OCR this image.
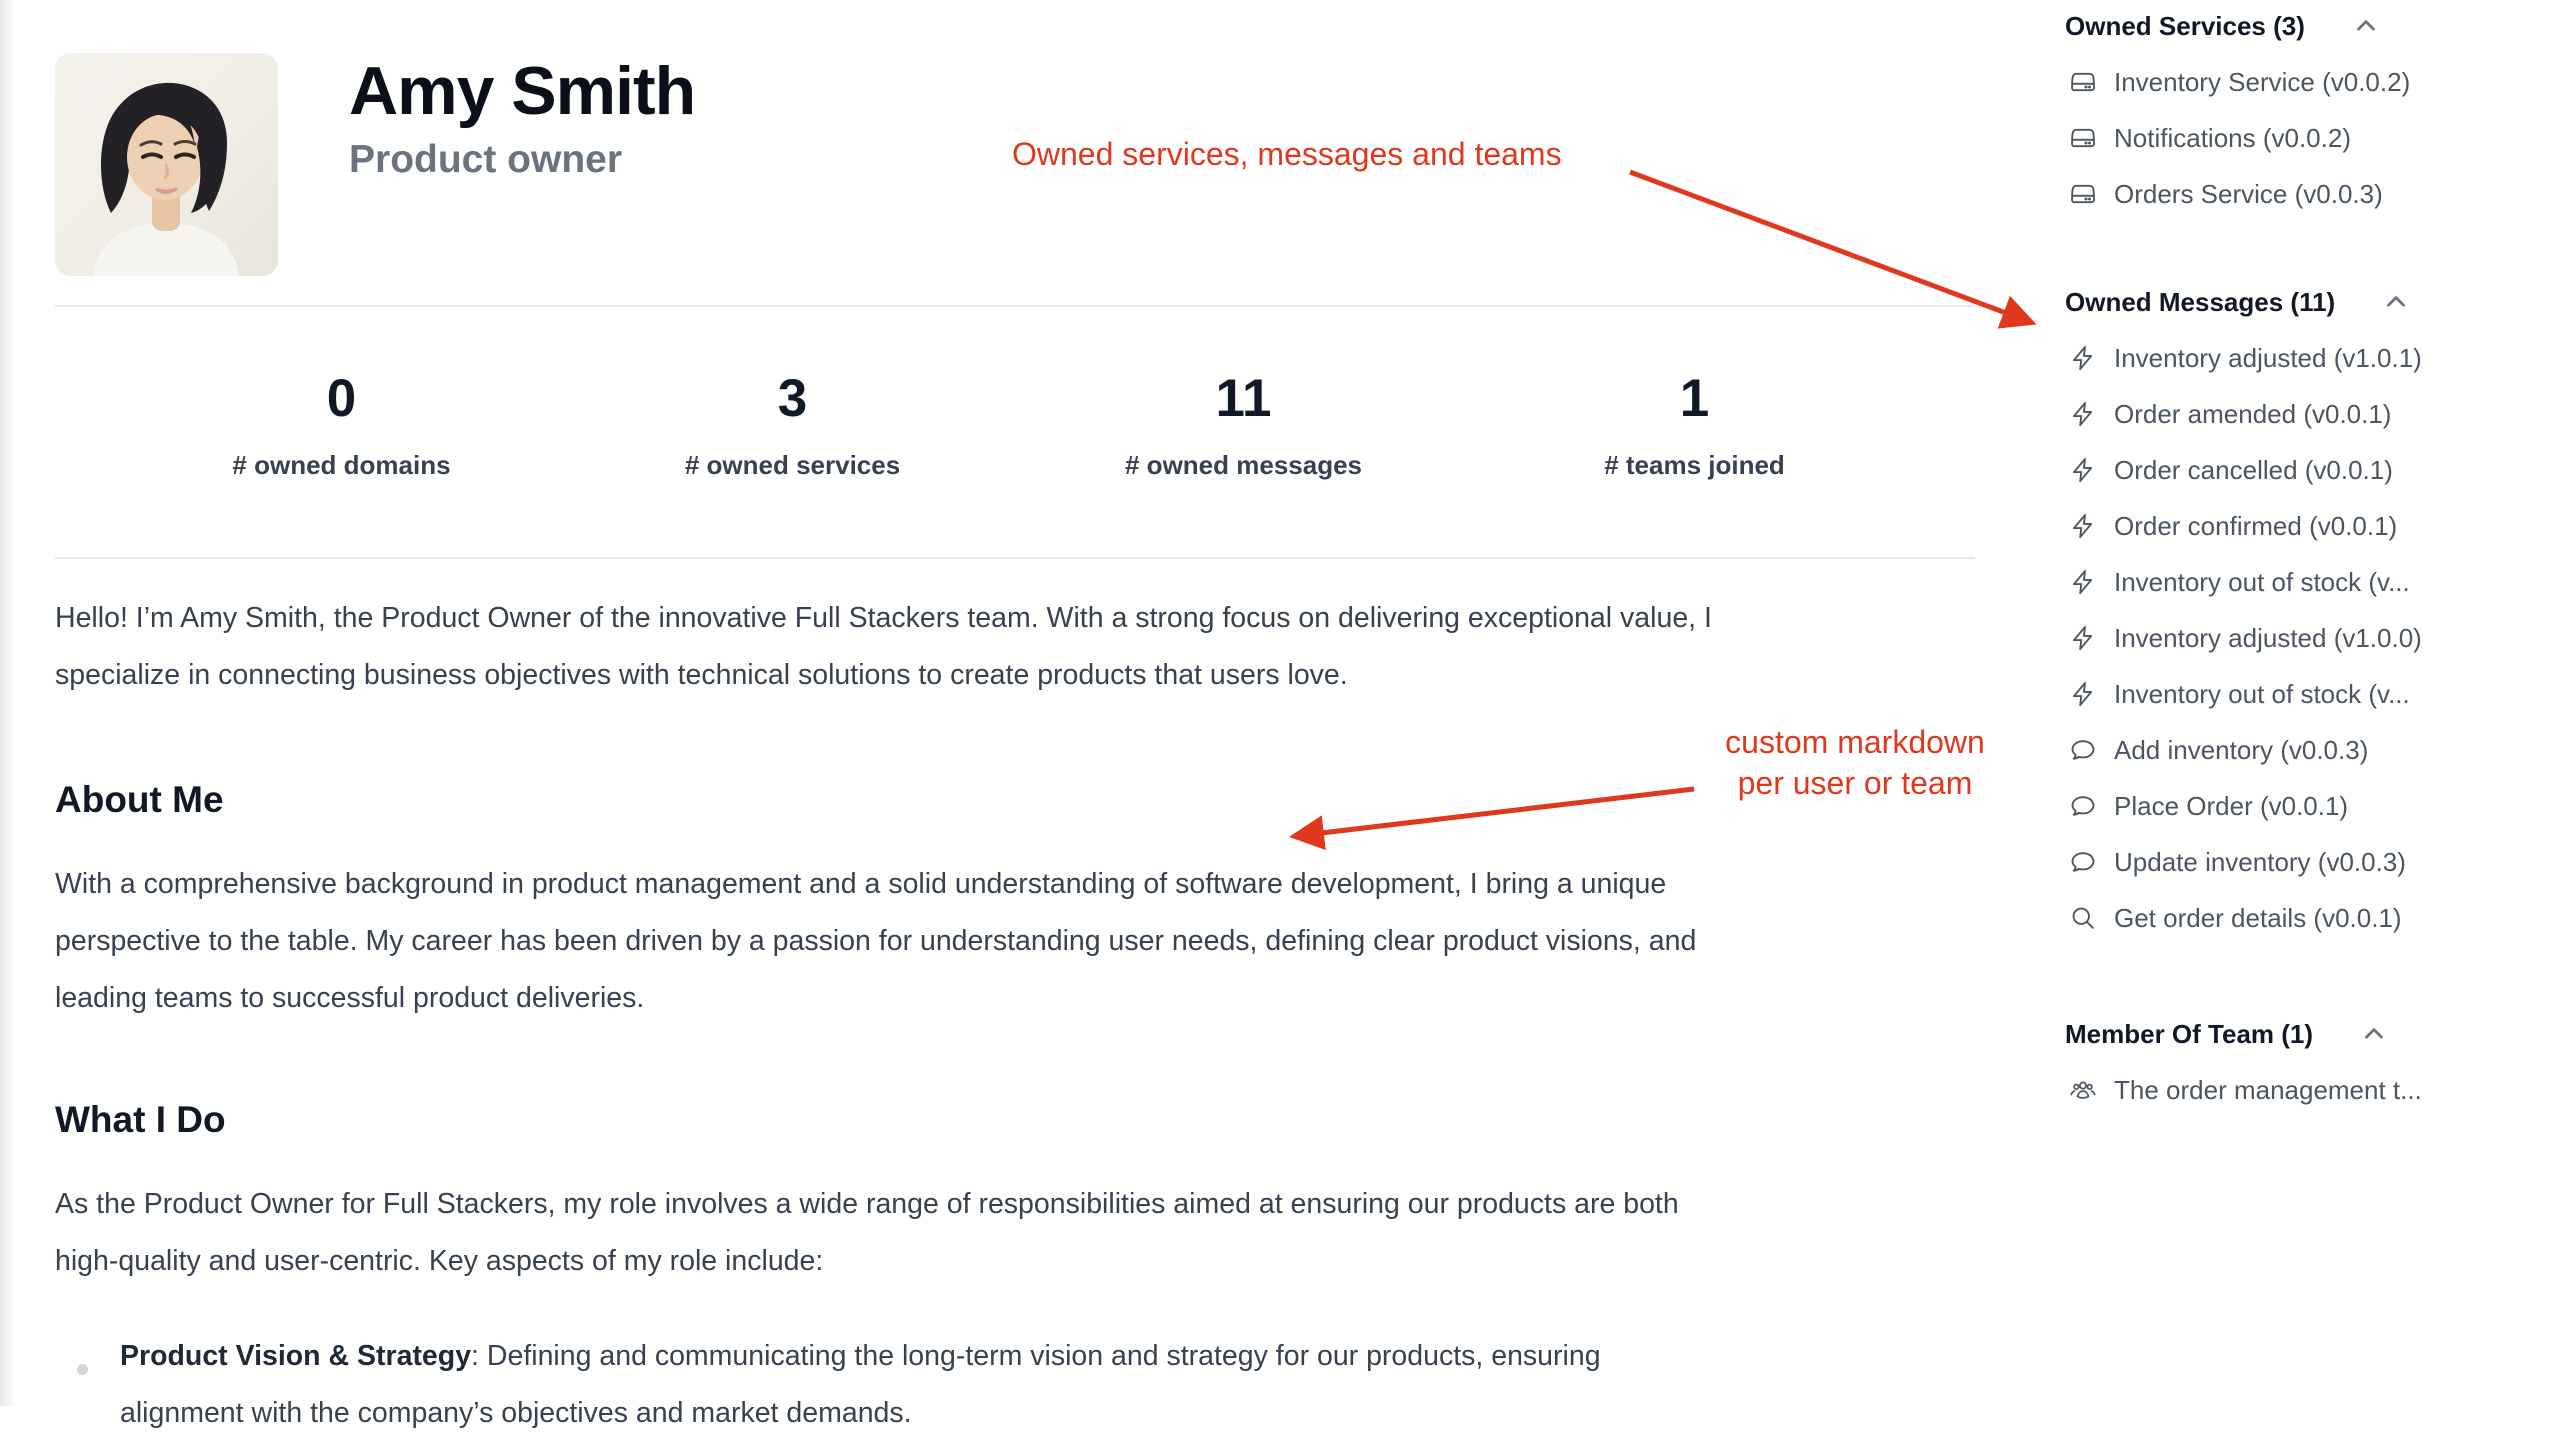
Amy Smith
Product owner
0
# owned domains
3
# owned services
11
# owned messages
1
# teams joined
Hello! I’m Amy Smith, the Product Owner of the innovative Full Stackers team. With a strong focus on delivering exceptional value, I
specialize in connecting business objectives with technical solutions to create products that users love.
About Me
With a comprehensive background in product management and a solid understanding of software development, I bring a unique
perspective to the table. My career has been driven by a passion for understanding user needs, defining clear product visions, and
leading teams to successful product deliveries.
What I Do
As the Product Owner for Full Stackers, my role involves a wide range of responsibilities aimed at ensuring our products are both
high-quality and user-centric. Key aspects of my role include:
Product Vision & Strategy: Defining and communicating the long-term vision and strategy for our products, ensuring
alignment with the company’s objectives and market demands.
Owned Services (3)
Inventory Service (v0.0.2)
Notifications (v0.0.2)
Orders Service (v0.0.3)
Owned Messages (11)
Inventory adjusted (v1.0.1)
Order amended (v0.0.1)
Order cancelled (v0.0.1)
Order confirmed (v0.0.1)
Inventory out of stock (v...
Inventory adjusted (v1.0.0)
Inventory out of stock (v...
Add inventory (v0.0.3)
Place Order (v0.0.1)
Update inventory (v0.0.3)
Get order details (v0.0.1)
Member Of Team (1)
The order management t...
Owned services, messages and teams
custom markdown
per user or team
